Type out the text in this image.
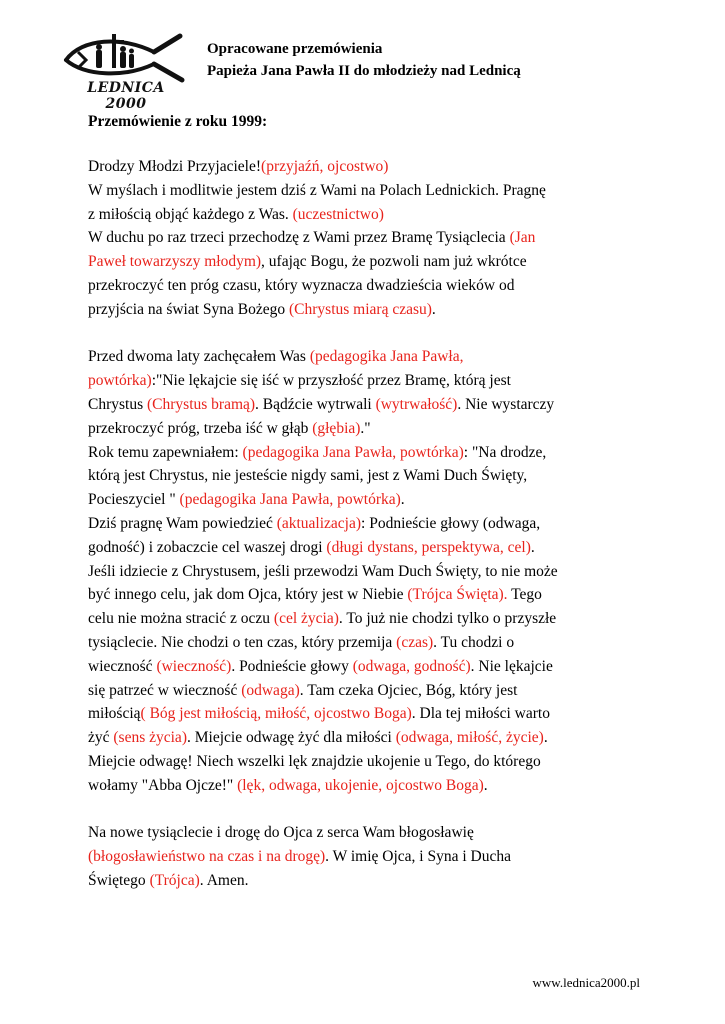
LEDNICA 2000
Opracowane przemówienia
Papieża Jana Pawła II do młodzieży nad Lednicą
Przemówienie z roku 1999:

Drodzy Młodzi Przyjaciele!(przyjaźń, ojcostwo)

W myślach i modlitwie jestem dziś z Wami na Polach Lednickich. Pragnę

z miłością objąć każdego z Was. (uczestnictwo)

W duchu po raz trzeci przechodzę z Wami przez Bramę Tysiąclecia (Jan

Paweł towarzyszy młodym), ufając Bogu, że pozwoli nam już wkrótce

przekroczyć ten próg czasu, który wyznacza dwadzieścia wieków od

przyjścia na świat Syna Bożego (Chrystus miarą czasu).

Przed dwoma laty zachęcałem Was (pedagogika Jana Pawła,

powtórka):"Nie lękajcie się iść w przyszłość przez Bramę, którą jest

Chrystus (Chrystus bramą). Bądźcie wytrwali (wytrwałość). Nie wystarczy

przekroczyć próg, trzeba iść w głąb (głębia)."

Rok temu zapewniałem: (pedagogika Jana Pawła, powtórka): "Na drodze,

którą jest Chrystus, nie jesteście nigdy sami, jest z Wami Duch Święty,

Pocieszyciel " (pedagogika Jana Pawła, powtórka).

Dziś pragnę Wam powiedzieć (aktualizacja): Podnieście głowy (odwaga,

godność) i zobaczcie cel waszej drogi (długi dystans, perspektywa, cel).

Jeśli idziecie z Chrystusem, jeśli przewodzi Wam Duch Święty, to nie może

być innego celu, jak dom Ojca, który jest w Niebie (Trójca Święta). Tego

celu nie można stracić z oczu (cel życia). To już nie chodzi tylko o przyszłe

tysiąclecie. Nie chodzi o ten czas, który przemija (czas). Tu chodzi o

wieczność (wieczność). Podnieście głowy (odwaga, godność). Nie lękajcie

się patrzeć w wieczność (odwaga). Tam czeka Ojciec, Bóg, który jest

miłością( Bóg jest miłością, miłość, ojcostwo Boga). Dla tej miłości warto

żyć (sens życia). Miejcie odwagę żyć dla miłości (odwaga, miłość, życie).

Miejcie odwagę! Niech wszelki lęk znajdzie ukojenie u Tego, do którego

wołamy "Abba Ojcze!" (lęk, odwaga, ukojenie, ojcostwo Boga).

Na nowe tysiąclecie i drogę do Ojca z serca Wam błogosławię

(błogosławieństwo na czas i na drogę). W imię Ojca, i Syna i Ducha

Świętego (Trójca). Amen.

www.lednica2000.pl
